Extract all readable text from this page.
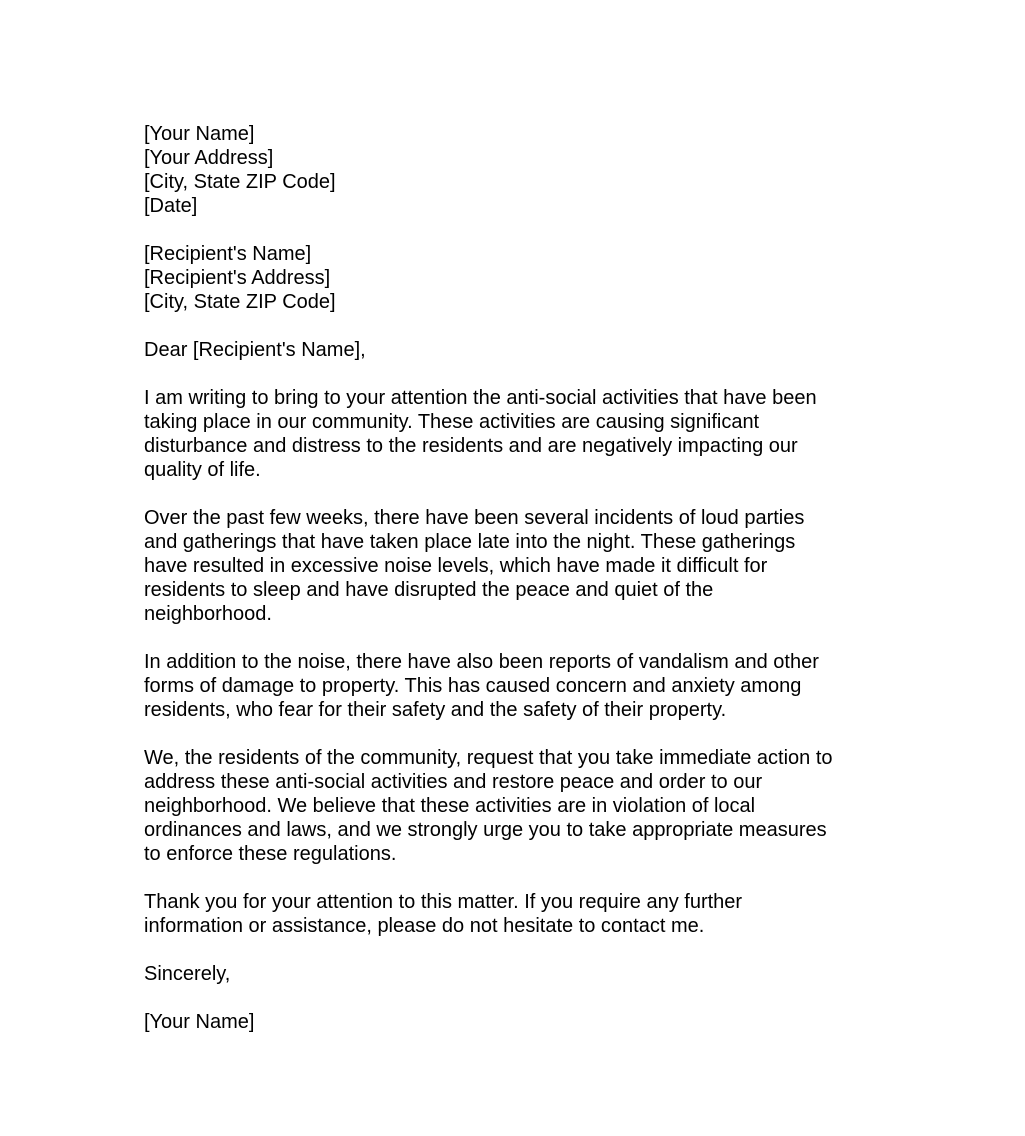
[Your Name]
[Your Address]
[City, State ZIP Code]
[Date]
[Recipient's Name]
[Recipient's Address]
[City, State ZIP Code]
Dear [Recipient's Name],

I am writing to bring to your attention the anti-social activities that have been
taking place in our community. These activities are causing significant
disturbance and distress to the residents and are negatively impacting our
quality of life.

Over the past few weeks, there have been several incidents of loud parties
and gatherings that have taken place late into the night. These gatherings
have resulted in excessive noise levels, which have made it difficult for
residents to sleep and have disrupted the peace and quiet of the
neighborhood.

In addition to the noise, there have also been reports of vandalism and other
forms of damage to property. This has caused concern and anxiety among
residents, who fear for their safety and the safety of their property.

We, the residents of the community, request that you take immediate action to
address these anti-social activities and restore peace and order to our
neighborhood. We believe that these activities are in violation of local
ordinances and laws, and we strongly urge you to take appropriate measures
to enforce these regulations.

Thank you for your attention to this matter. If you require any further
information or assistance, please do not hesitate to contact me.

Sincerely,
[Your Name]
